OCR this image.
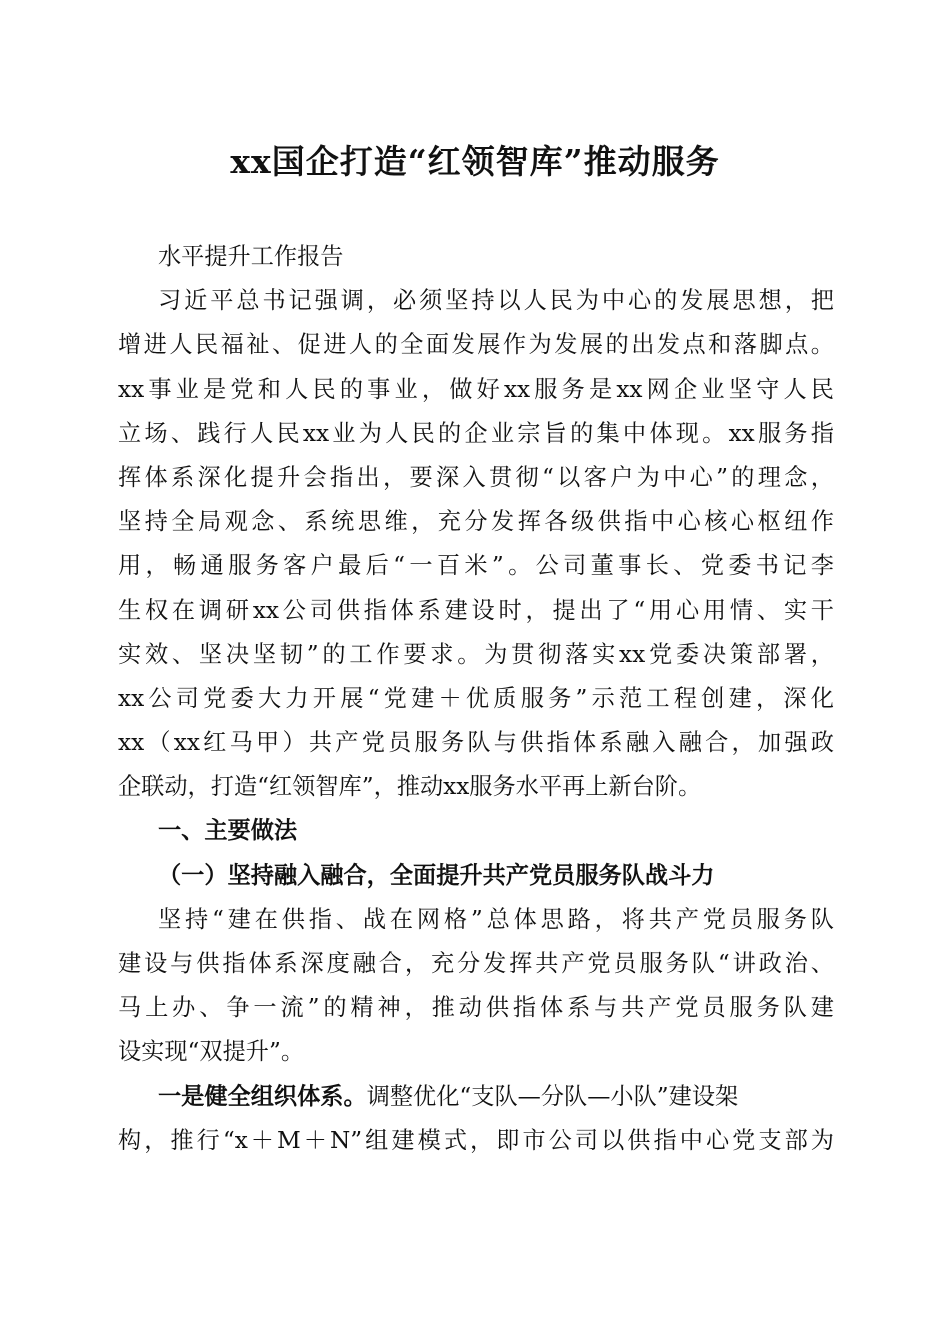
xx国企打造“红领智库”推动服务
水平提升工作报告
习近平总书记强调，必须坚持以人民为中心的发展思想，把
增进人民福祉、促进人的全面发展作为发展的出发点和落脚点。
xx事业是党和人民的事业，做好xx服务是xx网企业坚守人民
立场、践行人民xx业为人民的企业宗旨的集中体现。xx服务指
挥体系深化提升会指出，要深入贯彻“以客户为中心”的理念，
坚持全局观念、系统思维，充分发挥各级供指中心核心枢纽作
用，畅通服务客户最后“一百米”。公司董事长、党委书记李
生权在调研xx公司供指体系建设时，提出了“用心用情、实干
实效、坚决坚韧”的工作要求。为贯彻落实xx党委决策部署，
xx公司党委大力开展“党建＋优质服务”示范工程创建，深化
xx（xx红马甲）共产党员服务队与供指体系融入融合，加强政
企联动，打造“红领智库”，推动xx服务水平再上新台阶。
一、主要做法
（一）坚持融入融合，全面提升共产党员服务队战斗力
坚持“建在供指、战在网格”总体思路，将共产党员服务队
建设与供指体系深度融合，充分发挥共产党员服务队“讲政治、
马上办、争一流”的精神，推动供指体系与共产党员服务队建
设实现“双提升”。
一是健全组织体系。调整优化“支队—分队—小队”建设架
构，推行“x＋M＋N”组建模式，即市公司以供指中心党支部为
